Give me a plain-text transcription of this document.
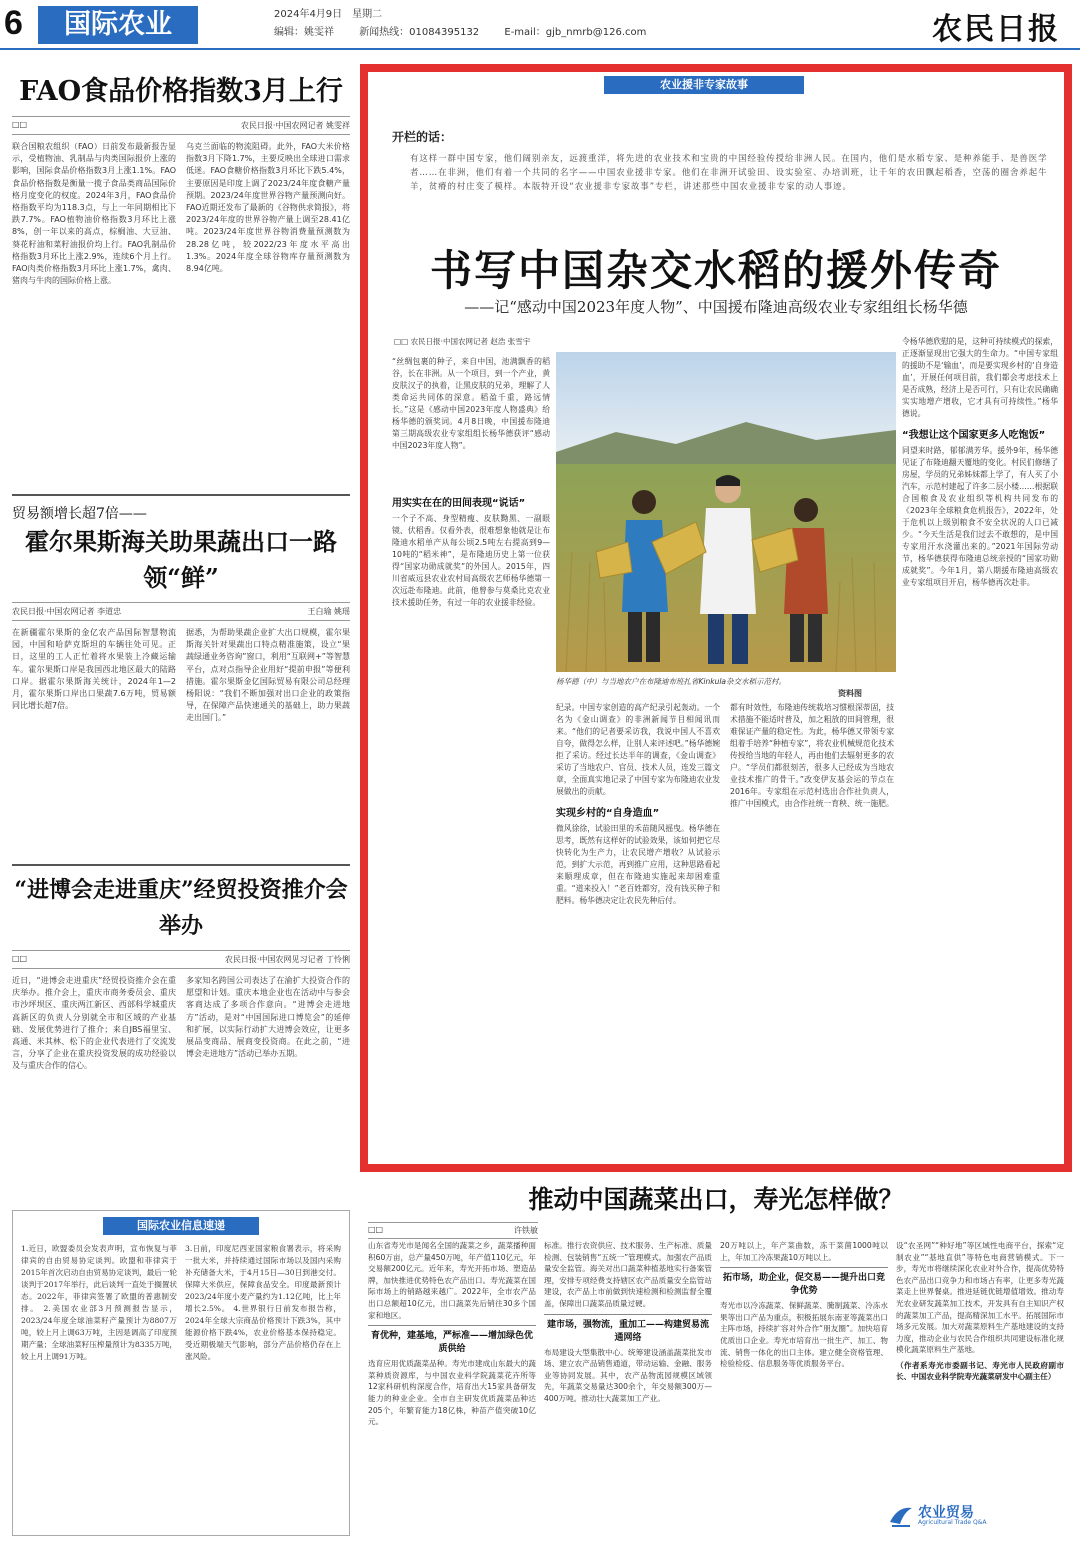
6	国际农业	2024年4月9日　星期二
编辑：姚雯祥	新闻热线：01084395132	E-mail：gjb_nmrb@126.com	农民日报
FAO食品价格指数3月上行
□□	农民日报·中国农网记者 姚雯祥

联合国粮农组织（FAO）日前发布最新报告显示，受植物油、乳制品与肉类国际报价上涨的影响，国际食品价格指数3月上涨1.1%。FAO食品价格指数是衡量一揽子食品类商品国际价格月度变化的权度。2024年3月，FAO食品价格指数平均为118.3点，与上一年同期相比下跌7.7%。FAO植物油价格指数3月环比上涨8%，创一年以来的高点，棕榈油、大豆油、葵花籽油和菜籽油报价均上行。FAO乳制品价格指数3月环比上涨2.9%，连续6个月上行。FAO肉类价格指数3月环比上涨1.7%，禽肉、猪肉与牛肉的国际价格上涨。

乌克兰面临的物流阻碍。此外，FAO大米价格指数3月下降1.7%，主要反映出全球进口需求低迷。FAO食糖价格指数3月环比下跌5.4%，主要原因是印度上调了2023/24年度食糖产量预期。2023/24年度世界谷物产量预测向好。FAO近期还发布了最新的《谷物供求简报》，将2023/24年度的世界谷物产量上调至28.41亿吨。2023/24年度世界谷物消费量预测数为28.28亿吨，较2022/23年度水平高出1.3%。2024年度全球谷物库存量预测数为8.94亿吨。

贸易额增长超7倍——
霍尔果斯海关助果蔬出口一路领“鲜”
农民日报·中国农网记者 李道忠	王白瑜 姚瑶

在新疆霍尔果斯的金亿农产品国际智慧物流园，中国和哈萨克斯坦的车辆往处可见。正日，这里的工人正忙着将水果装上冷藏运输车。霍尔果斯口岸是我国西北地区最大的陆路口岸。据霍尔果斯海关统计，2024年1—2月，霍尔果斯口岸出口果蔬7.6万吨，贸易额同比增长超7倍。

据悉，为帮助果蔬企业扩大出口规模，霍尔果斯海关针对果蔬出口特点精准施策，设立“果蔬绿通业务咨询”窗口，利用“互联网+”等智慧平台，点对点指导企业用好“提前申报”等便利措施。霍尔果斯金亿国际贸易有限公司总经理杨阳说：“我们不断加强对出口企业的政策指导，在保障产品快速通关的基础上，助力果蔬走出国门。”

“进博会走进重庆”经贸投资推介会举办
□□	农民日报·中国农网见习记者 丁怜俐

近日，“进博会走进重庆”经贸投资推介会在重庆举办。推介会上，重庆市商务委员会、重庆市沙坪坝区、重庆两江新区、西部科学城重庆高新区的负责人分别就全市和区域的产业基础、发展优势进行了推介；来自JBS福里宝、高通、米其林、松下的企业代表进行了交流发言，分享了企业在重庆投资发展的成功经验以及与重庆合作的信心。

多家知名跨国公司表达了在渝扩大投资合作的愿望和计划。重庆本地企业也在活动中与参会客商达成了多项合作意向。“进博会走进地方”活动，是对“中国国际进口博览会”的延伸和扩展，以实际行动扩大进博会效应，让更多展品变商品、展商变投资商。在此之前，“进博会走进地方”活动已举办五期。

农业援非专家故事
开栏的话：
有这样一群中国专家，他们阔别亲友，远渡重洋，将先进的农业技术和宝贵的中国经验传授给非洲人民。在国内，他们是水稻专家、是种养能手、是兽医学者……在非洲，他们有着一个共同的名字——中国农业援非专家。他们在非洲开试验田、设实验室、办培训班，让千年的农田飘起稻香，空荡的圈舍养起牛羊，贫瘠的村庄变了模样。本版特开设“农业援非专家故事”专栏，讲述那些中国农业援非专家的动人事迹。
书写中国杂交水稻的援外传奇
——记“感动中国2023年度人物”、中国援布隆迪高级农业专家组组长杨华德
□□ 农民日报·中国农网记者 赵浩 张雪宇
“丝绸包裹的种子，来自中国，池满飘香的稻谷，长在非洲。从一个项目，到一个产业，黄皮肤汉子的执着，让黑皮肤的兄弟，理解了人类命运共同体的深意。稻盈千重，路远情长。”这是《感动中国2023年度人物盛典》给杨华德的颁奖词。4月8日晚，中国援布隆迪第三期高级农业专家组组长杨华德获评“感动中国2023年度人物”。
用实实在在的田间表现“说话”
一个子不高、身型精瘦、皮肤黝黑、一副眼镜、伏稻香。仅看外表，很难想象他就是让布隆迪水稻单产从每公顷2.5吨左右提高到9—10吨的“稻米神”，是布隆迪历史上第一位获得“国家功勋成就奖”的外国人。2015年，四川省威远县农业农村局高级农艺师杨华德第一次远赴布隆迪。此前，他曾参与莫桑比克农业技术援助任务，有过一年的农业援非经验。
杨华德（中）与当地农户在布隆迪布班扎省Kinkula杂交水稻示范村。
资料图
纪录。中国专家创造的高产纪录引起轰动。一个名为《金山调查》的非洲新闻节目相闻讯而来。“他们的记者要采访我，我说中国人不喜欢自夸，做得怎么样，让别人来评述吧。”杨华德婉拒了采访。经过长达半年的调查，《金山调查》采访了当地农户、官员、技术人员，连发三篇文章，全面真实地记录了中国专家为布隆迪农业发展做出的贡献。
实现乡村的“自身造血”
微风徐徐，试验田里的禾苗随风摇曳。杨华德在思考，既然有这样好的试验效果，该如何把它尽快转化为生产力，让农民增产增收？从试验示范，到扩大示范，再到推广应用，这种思路看起来顺理成章，但在布隆迪实施起来却困难重重。“道来投入！”老百姓都穷，没有钱买种子和肥料。杨华德决定让农民先种后付。
都有时效性，布隆迪传统栽培习惯根深蒂固，技术措施不能适时普及，加之粗放的田间管理，很难保证产量的稳定性。为此，杨华德又带领专家组着手培养“种植专家”，将农业机械规范化技术传授给当地的年轻人，再由他们去辐射更多的农户。“学员们都很刻苦，很多人已经成为当地农业技术推广的骨干。”改变伊友基会运的节点在2016年。专家组在示范村选出合作社负责人，推广中国模式，由合作社统一育秧、统一施肥。
令杨华德欣慰的是，这种可持续模式的探索，正逐渐显现出它强大的生命力。“中国专家组的援助不是‘输血’，而是要实现乡村的‘自身造血’，开展任何项目前，我们都会考虑技术上是否成熟，经济上是否可行，只有让农民确确实实地增产增收，它才具有可持续性。”杨华德说。
“我想让这个国家更多人吃饱饭”
同望来时路，郁郁满芳华。援外9年，杨华德见证了布隆迪翻天覆地的变化。村民们修缮了房屋，学员的兄弟姊妹都上学了，有人买了小汽车，示范村建起了许多二层小楼……根据联合国粮食及农业组织等机构共同发布的《2023年全球粮食危机报告》，2022年，处于危机以上级别粮食不安全状况的人口已减少。“今天生活是我们过去不敢想的，是中国专家用汗水浇灌出来的。”2021年国际劳动节，杨华德获得布隆迪总统亲授的“国家功勋成就奖”。今年1月，第八期援布隆迪高级农业专家组项目开启，杨华德再次赴非。
推动中国蔬菜出口，寿光怎样做？
□□	许铁敏
山东省寿光市是闻名全国的蔬菜之乡，蔬菜播种面积60万亩，总产量450万吨，年产值110亿元，年交易额200亿元。近年来，寿光开拓市场、塑造品牌，加快推进优势特色农产品出口。寿光蔬菜在国际市场上的销路越来越广。2022年，全市农产品出口总额超10亿元，出口蔬菜先后销往30多个国家和地区。
育优种，建基地，严标准——增加绿色优质供给
选育应用优质蔬菜品种。寿光市建成山东最大的蔬菜种质资源库，与中国农业科学院蔬菜花卉所等12家科研机构深度合作，培育出大15家具备研发能力的种业企业。全市自主研发优质蔬菜品种达205个，年繁育能力18亿株，种苗产值突破10亿元。
标准。推行农资供应、技术服务、生产标准、质量检测、包装销售“五统一”管理模式。加强农产品质量安全监管。海关对出口蔬菜种植基地实行备案管理，安排专项经费支持辖区农产品质量安全监管站建设，农产品上市前做到快速检测和检测监督全覆盖，保障出口蔬菜品质量过硬。
建市场，强物流，重加工——构建贸易流通网络
布局建设大型集散中心。统筹建设涵盖蔬菜批发市场、建立农产品销售通道，带动运输、金融、服务业等协同发展。其中，农产品物流园规模区域领先，年蔬菜交易量达300余个，年交易额300万—400万吨。推动壮大蔬菜加工产业。
20万吨以上，年产菜曲数，冻干菜菌1000吨以上，年加工冷冻果蔬10万吨以上。
拓市场，助企业，促交易——提升出口竞争优势
寿光市以冷冻蔬菜、保鲜蔬菜、腌制蔬菜、冷冻水果等出口产品为重点，积极拓展东南亚等蔬菜出口主阵市场，持续扩容对外合作“朋友圈”。加快培育优质出口企业。寿光市培育出一批生产、加工、物流、销售一体化的出口主体。建立健全资格管理、检验检疫、信息服务等优质服务平台。
设“农圣网”“种好地”等区域性电商平台，探索“定制农业”“基地直供”等特色电商营销模式。下一步，寿光市将继续深化农业对外合作，提高优势特色农产品出口竞争力和市场占有率，让更多寿光蔬菜走上世界餐桌。推进延链优链增值增效。推动寿光农业研发蔬菜加工技术，开发具有自主知识产权的蔬菜加工产品，提高精深加工水平。拓展国际市场多元发展。加大对蔬菜原料生产基地建设的支持力度，推动企业与农民合作组织共同建设标准化规模化蔬菜原料生产基地。
（作者系寿光市委副书记、寿光市人民政府副市长、中国农业科学院寿光蔬菜研发中心副主任）
农业贸易
Agricultural Trade Q&A
国际农业信息速递
1.近日，欧盟委员会发表声明，宣布恢复与菲律宾的自由贸易协定谈判。欧盟和菲律宾于2015年首次启动自由贸易协定谈判，最后一轮谈判于2017年举行，此后谈判一直处于搁置状态。2022年，菲律宾签署了欧盟的普惠制安排。 2.美国农业部3月预测报告显示，2023/24年度全球油菜籽产量预计为8807万吨，较上月上调63万吨，主因是调高了印度预期产量；全球油菜籽压榨量预计为8335万吨，较上月上调91万吨。
3.日前，印度尼西亚国家粮食署表示，将采购一批大米，并持续通过国际市场以及国内采购补充储备大米，于4月15日—30日到港交付。保障大米供应，保障食品安全。印度最新预计2023/24年度小麦产量约为1.12亿吨，比上年增长2.5%。 4.世界银行日前发布报告称，2024年全球大宗商品价格预计下跌3%，其中能源价格下跌4%，农业价格基本保持稳定。受近期极端天气影响，部分产品价格仍存在上涨风险。
